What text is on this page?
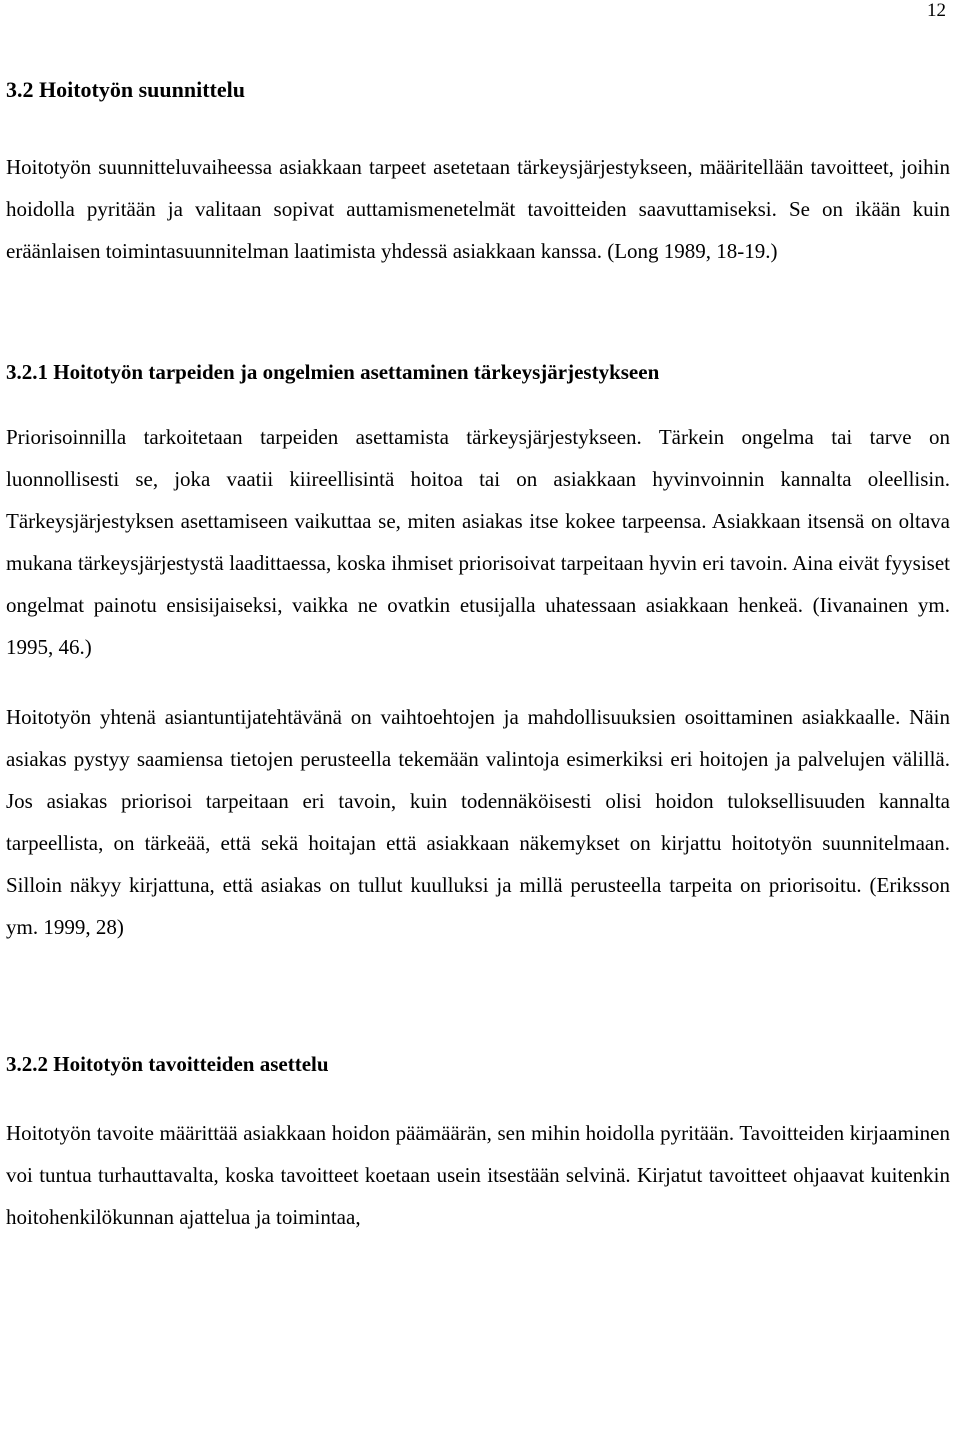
12
3.2 Hoitotyön suunnittelu

Hoitotyön suunnitteluvaiheessa asiakkaan tarpeet asetetaan tärkeysjärjestykseen, määritellään tavoitteet, joihin hoidolla pyritään ja valitaan sopivat auttamismenetelmät tavoitteiden saavuttamiseksi. Se on ikään kuin eräänlaisen toimintasuunnitelman laatimista yhdessä asiakkaan kanssa. (Long 1989, 18-19.)

3.2.1 Hoitotyön tarpeiden ja ongelmien asettaminen tärkeysjärjestykseen

Priorisoinnilla tarkoitetaan tarpeiden asettamista tärkeysjärjestykseen. Tärkein ongelma tai tarve on luonnollisesti se, joka vaatii kiireellisintä hoitoa tai on asiakkaan hyvinvoinnin kannalta oleellisin. Tärkeysjärjestyksen asettamiseen vaikuttaa se, miten asiakas itse kokee tarpeensa. Asiakkaan itsensä on oltava mukana tärkeysjärjestystä laadittaessa, koska ihmiset priorisoivat tarpeitaan hyvin eri tavoin. Aina eivät fyysiset ongelmat painotu ensisijaiseksi, vaikka ne ovatkin etusijalla uhatessaan asiakkaan henkeä. (Iivanainen ym. 1995, 46.)

Hoitotyön yhtenä asiantuntijatehtävänä on vaihtoehtojen ja mahdollisuuksien osoittaminen asiakkaalle. Näin asiakas pystyy saamiensa tietojen perusteella tekemään valintoja esimerkiksi eri hoitojen ja palvelujen välillä. Jos asiakas priorisoi tarpeitaan eri tavoin, kuin todennäköisesti olisi hoidon tuloksellisuuden kannalta tarpeellista, on tärkeää, että sekä hoitajan että asiakkaan näkemykset on kirjattu hoitotyön suunnitelmaan. Silloin näkyy kirjattuna, että asiakas on tullut kuulluksi ja millä perusteella tarpeita on priorisoitu. (Eriksson ym. 1999, 28)

3.2.2 Hoitotyön tavoitteiden asettelu

Hoitotyön tavoite määrittää asiakkaan hoidon päämäärän, sen mihin hoidolla pyritään. Tavoitteiden kirjaaminen voi tuntua turhauttavalta, koska tavoitteet koetaan usein itsestään selvinä. Kirjatut tavoitteet ohjaavat kuitenkin hoitohenkilökunnan ajattelua ja toimintaa,
